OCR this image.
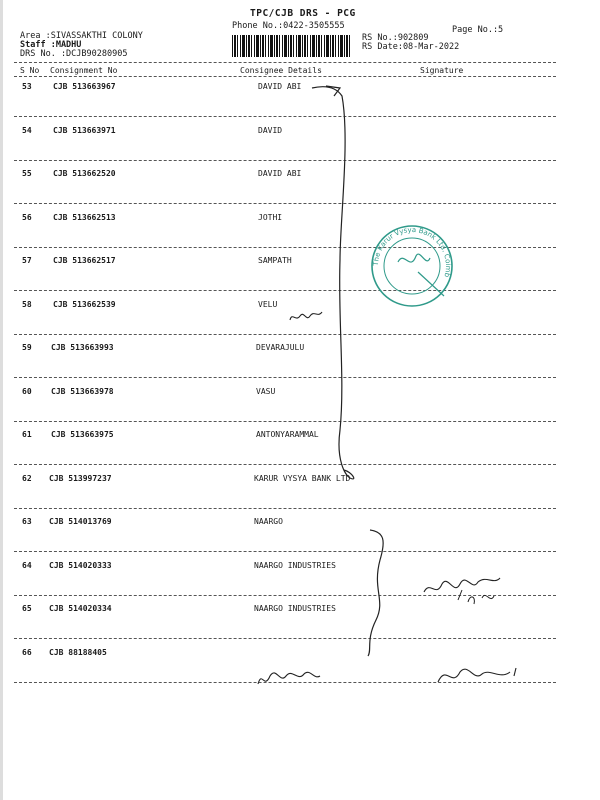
TPC/CJB DRS - PCG
Phone No.:0422-3505555	Page No.:5
RS No.:902809
RS Date:08-Mar-2022
Area :SIVASSAKTHI COLONY
Staff :MADHU
DRS No. :DCJB90280905
S No Consignment No	Consignee Details	Signature
53	CJB 513663967	DAVID ABI
54	CJB 513663971	DAVID
55	CJB 513662520	DAVID ABI
56	CJB 513662513	JOTHI
57	CJB 513662517	SAMPATH
58	CJB 513662539	VELU
59 CJB 513663993	DEVARAJULU
60 CJB 513663978	VASU
61 CJB 513663975	ANTONYARAMMAL
62 CJB 513997237	KARUR VYSYA BANK LTD
63 CJB 514013769	NAARGO
64 CJB 514020333	NAARGO INDUSTRIES
65 CJB 514020334	NAARGO INDUSTRIES
66 CJB 88188405
The Karur Vysya Bank Ltd. Coimb
